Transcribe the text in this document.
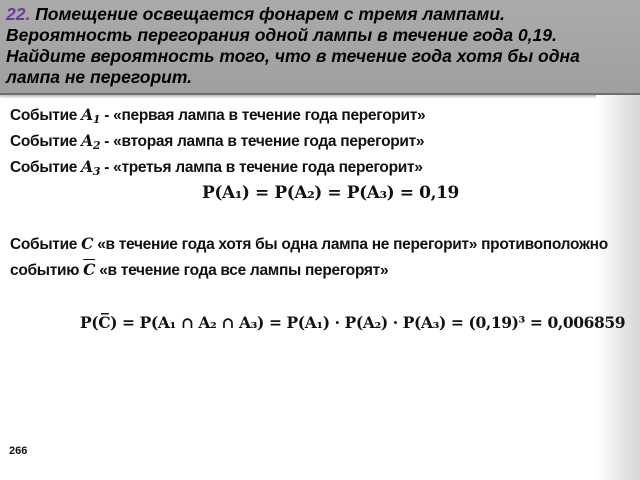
22. Помещение освещается фонарем с тремя лампами. Вероятность перегорания одной лампы в течение года 0,19. Найдите вероятность того, что в течение года хотя бы одна лампа не перегорит.
Событие $A_1$ - «первая лампа в течение года перегорит»
Событие $A_2$ - «вторая лампа в течение года перегорит»
Событие $A_3$ - «третья лампа в течение года перегорит»
P(A₁) = P(A₂) = P(A₃) = 0,19
Событие C «в течение года хотя бы одна лампа не перегорит» противоположно
событию $\overline{C}$ «в течение года все лампы перегорят»
P(C̅) = P(A₁ ∩ A₂ ∩ A₃) = P(A₁) · P(A₂) · P(A₃) = (0,19)³ = 0,006859
266
